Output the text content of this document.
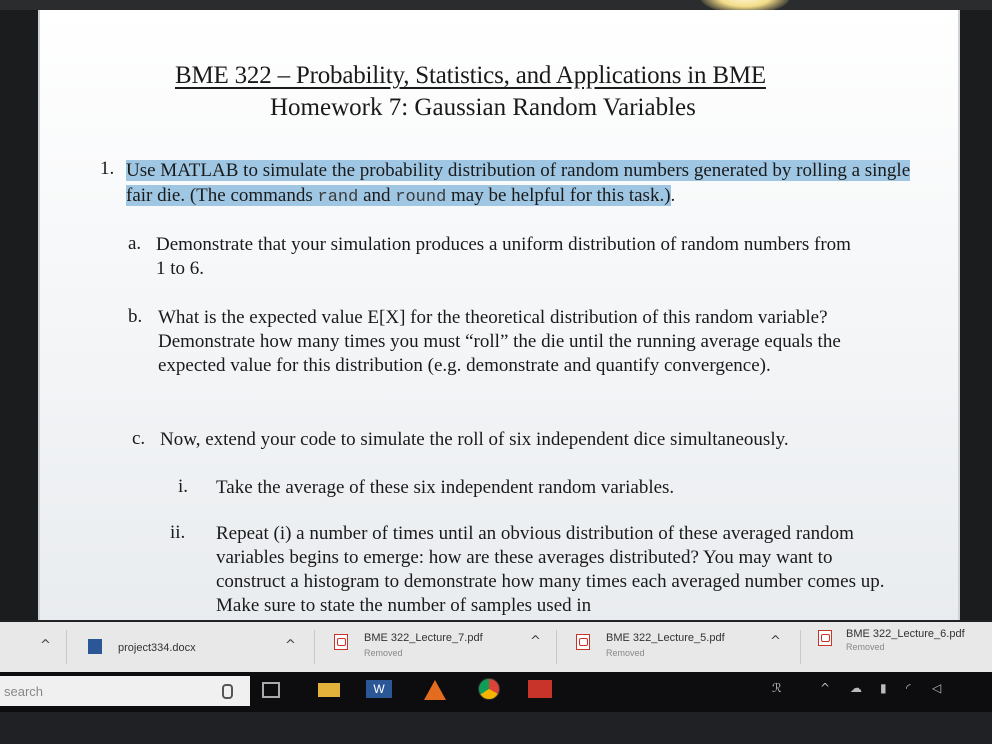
BME 322 – Probability, Statistics, and Applications in BME
Homework 7: Gaussian Random Variables
1. Use MATLAB to simulate the probability distribution of random numbers generated by rolling a single fair die. (The commands rand and round may be helpful for this task.).
a. Demonstrate that your simulation produces a uniform distribution of random numbers from 1 to 6.
b. What is the expected value E[X] for the theoretical distribution of this random variable? Demonstrate how many times you must “roll” the die until the running average equals the expected value for this distribution (e.g. demonstrate and quantify convergence).
c. Now, extend your code to simulate the roll of six independent dice simultaneously.
i. Take the average of these six independent random variables.
ii. Repeat (i) a number of times until an obvious distribution of these averaged random variables begins to emerge: how are these averages distributed? You may want to construct a histogram to demonstrate how many times each averaged number comes up. Make sure to state the number of samples used in
^	project334.docx	^	BME 322_Lecture_7.pdf
Removed
^	BME 322_Lecture_5.pdf
Removed
^	BME 322_Lecture_6.pdf
Removed
search	W	ℛ	^ ☁ ▮ ◜ ◁
